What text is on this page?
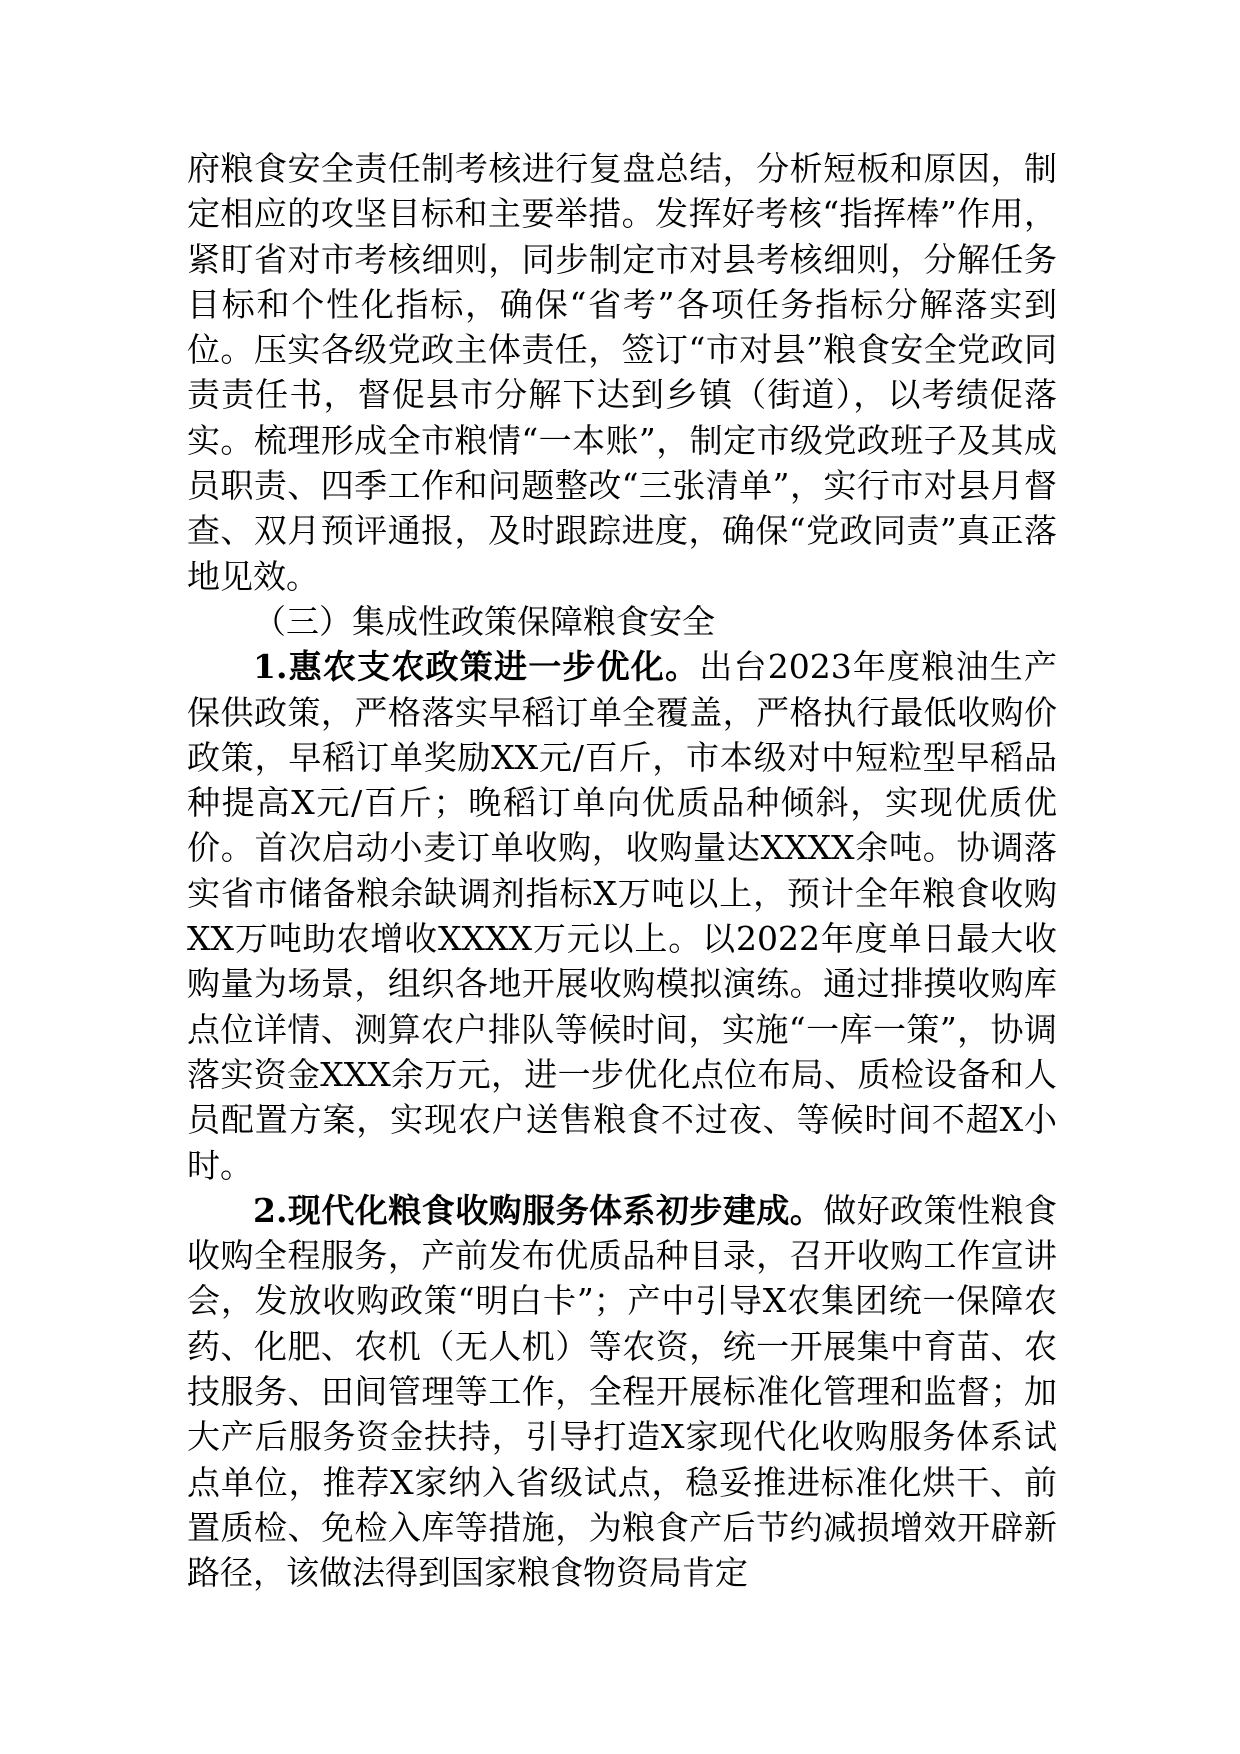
府粮食安全责任制考核进行复盘总结，分析短板和原因，制定相应的攻坚目标和主要举措。发挥好考核“指挥棒”作用，紧盯省对市考核细则，同步制定市对县考核细则，分解任务目标和个性化指标，确保“省考”各项任务指标分解落实到位。压实各级党政主体责任，签订“市对县”粮食安全党政同责责任书，督促县市分解下达到乡镇（街道），以考绩促落实。梳理形成全市粮情“一本账”，制定市级党政班子及其成员职责、四季工作和问题整改“三张清单”，实行市对县月督查、双月预评通报，及时跟踪进度，确保“党政同责”真正落地见效。

（三）集成性政策保障粮食安全

1.惠农支农政策进一步优化。出台2023年度粮油生产保供政策，严格落实早稻订单全覆盖，严格执行最低收购价政策，早稻订单奖励XX元/百斤，市本级对中短粒型早稻品种提高X元/百斤；晚稻订单向优质品种倾斜，实现优质优价。首次启动小麦订单收购，收购量达XXXX余吨。协调落实省市储备粮余缺调剂指标X万吨以上，预计全年粮食收购XX万吨助农增收XXXX万元以上。以2022年度单日最大收购量为场景，组织各地开展收购模拟演练。通过排摸收购库点位详情、测算农户排队等候时间，实施“一库一策”，协调落实资金XXX余万元，进一步优化点位布局、质检设备和人员配置方案，实现农户送售粮食不过夜、等候时间不超X小时。

2.现代化粮食收购服务体系初步建成。做好政策性粮食收购全程服务，产前发布优质品种目录，召开收购工作宣讲会，发放收购政策“明白卡”；产中引导X农集团统一保障农药、化肥、农机（无人机）等农资，统一开展集中育苗、农技服务、田间管理等工作，全程开展标准化管理和监督；加大产后服务资金扶持，引导打造X家现代化收购服务体系试点单位，推荐X家纳入省级试点，稳妥推进标准化烘干、前置质检、免检入库等措施，为粮食产后节约减损增效开辟新路径，该做法得到国家粮食物资局肯定
